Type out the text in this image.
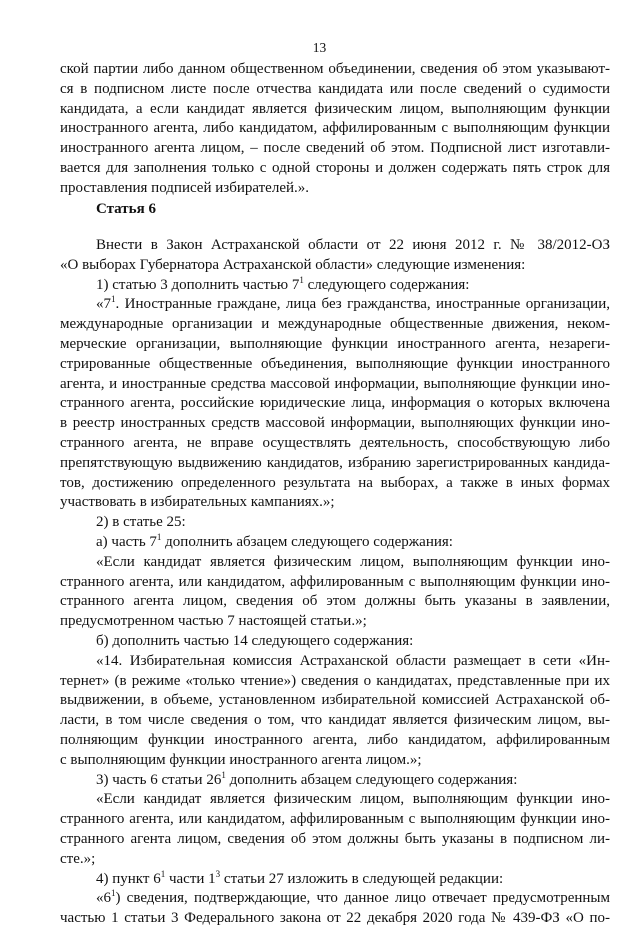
13
ской партии либо данном общественном объединении, сведения об этом указывают-
ся в подписном листе после отчества кандидата или после сведений о судимости
кандидата, а если кандидат является физическим лицом, выполняющим функции
иностранного агента, либо кандидатом, аффилированным с выполняющим функции
иностранного агента лицом, – после сведений об этом. Подписной лист изготавли-
вается для заполнения только с одной стороны и должен содержать пять строк для
проставления подписей избирателей.».
Статья 6
Внести в Закон Астраханской области от 22 июня 2012 г. № 38/2012-ОЗ
«О выборах Губернатора Астраханской области» следующие изменения:
1) статью 3 дополнить частью $7^1$ следующего содержания:
«$7^1$. Иностранные граждане, лица без гражданства, иностранные организации,
международные организации и международные общественные движения, неком-
мерческие организации, выполняющие функции иностранного агента, незареги-
стрированные общественные объединения, выполняющие функции иностранного
агента, и иностранные средства массовой информации, выполняющие функции ино-
странного агента, российские юридические лица, информация о которых включена
в реестр иностранных средств массовой информации, выполняющих функции ино-
странного агента, не вправе осуществлять деятельность, способствующую либо
препятствующую выдвижению кандидатов, избранию зарегистрированных кандида-
тов, достижению определенного результата на выборах, а также в иных формах
участвовать в избирательных кампаниях.»;
2) в статье 25:
а) часть $7^1$ дополнить абзацем следующего содержания:
«Если кандидат является физическим лицом, выполняющим функции ино-
странного агента, или кандидатом, аффилированным с выполняющим функции ино-
странного агента лицом, сведения об этом должны быть указаны в заявлении,
предусмотренном частью 7 настоящей статьи.»;
б) дополнить частью 14 следующего содержания:
«14. Избирательная комиссия Астраханской области размещает в сети «Ин-
тернет» (в режиме «только чтение») сведения о кандидатах, представленные при их
выдвижении, в объеме, установленном избирательной комиссией Астраханской об-
ласти, в том числе сведения о том, что кандидат является физическим лицом, вы-
полняющим функции иностранного агента, либо кандидатом, аффилированным
с выполняющим функции иностранного агента лицом.»;
3) часть 6 статьи $26^1$ дополнить абзацем следующего содержания:
«Если кандидат является физическим лицом, выполняющим функции ино-
странного агента, или кандидатом, аффилированным с выполняющим функции ино-
странного агента лицом, сведения об этом должны быть указаны в подписном ли-
сте.»;
4) пункт $6^1$ части $1^3$ статьи 27 изложить в следующей редакции:
«$6^1$) сведения, подтверждающие, что данное лицо отвечает предусмотренным
частью 1 статьи 3 Федерального закона от 22 декабря 2020 года № 439-ФЗ «О по-
